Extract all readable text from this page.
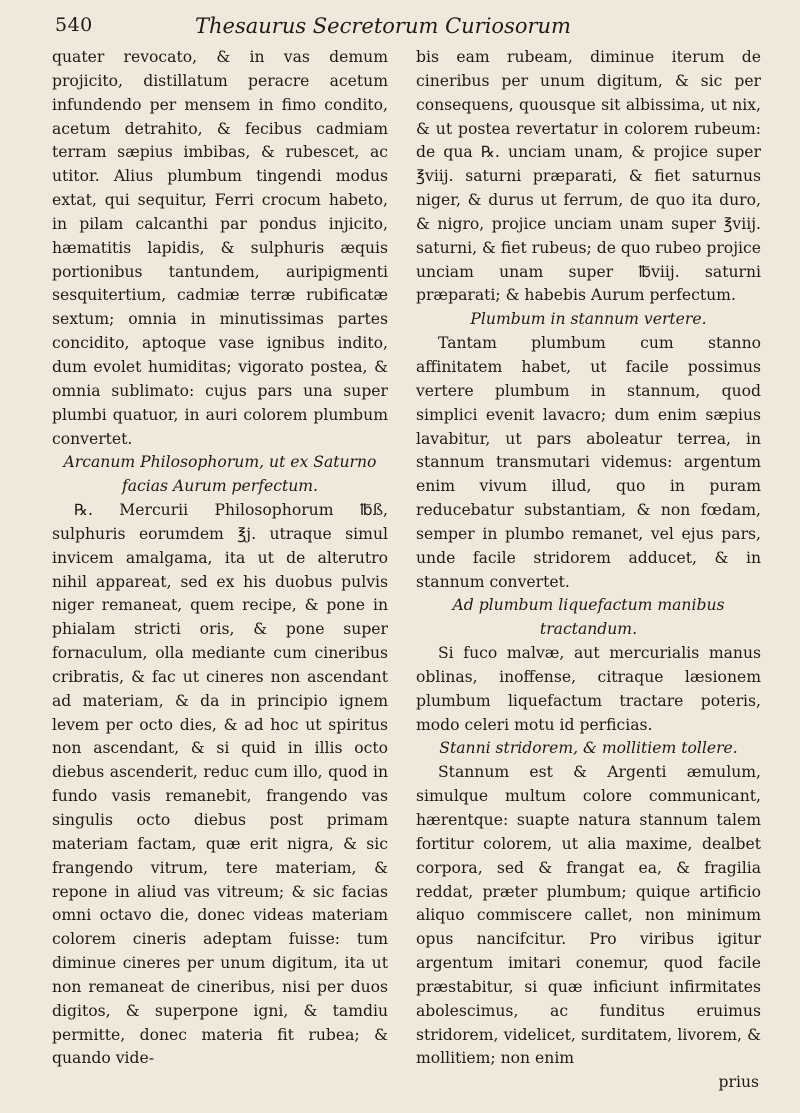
540	Thesaurus Secretorum Curiosorum

quater revocato, & in vas demum projicito, distillatum peracre acetum infundendo per mensem in fimo condito, acetum detrahito, & fecibus cadmiam terram sæpius imbibas, & rubescet, ac utitor. Alius plumbum tingendi modus extat, qui sequitur, Ferri crocum habeto, in pilam calcanthi par pondus injicito, hæmatitis lapidis, & sulphuris æquis portionibus tantundem, auripigmenti sesquitertium, cadmiæ terræ rubificatæ sextum; omnia in minutissimas partes concidito, aptoque vase ignibus indito, dum evolet humiditas; vigorato postea, & omnia sublimato: cujus pars una super plumbi quatuor, in auri colorem plumbum convertet.

Arcanum Philosophorum, ut ex Saturno facias Aurum perfectum.

℞. Mercurii Philosophorum ℔ß, sulphuris eorumdem ℥j. utraque simul invicem amalgama, ita ut de alterutro nihil appareat, sed ex his duobus pulvis niger remaneat, quem recipe, & pone in phialam stricti oris, & pone super fornaculum, olla mediante cum cineribus cribratis, & fac ut cineres non ascendant ad materiam, & da in principio ignem levem per octo dies, & ad hoc ut spiritus non ascendant, & si quid in illis octo diebus ascenderit, reduc cum illo, quod in fundo vasis remanebit, frangendo vas singulis octo diebus post primam materiam factam, quæ erit nigra, & sic frangendo vitrum, tere materiam, & repone in aliud vas vitreum; & sic facias omni octavo die, donec videas materiam colorem cineris adeptam fuisse: tum diminue cineres per unum digitum, ita ut non remaneat de cineribus, nisi per duos digitos, & superpone igni, & tamdiu permitte, donec materia fit rubea; & quando vide-

bis eam rubeam, diminue iterum de cineribus per unum digitum, & sic per consequens, quousque sit albissima, ut nix, & ut postea revertatur in colorem rubeum: de qua ℞. unciam unam, & projice super ℥viij. saturni præparati, & fiet saturnus niger, & durus ut ferrum, de quo ita duro, & nigro, projice unciam unam super ℥viij. saturni, & fiet rubeus; de quo rubeo projice unciam unam super ℔viij. saturni præparati; & habebis Aurum perfectum.

Plumbum in stannum vertere.

Tantam plumbum cum stanno affinitatem habet, ut facile possimus vertere plumbum in stannum, quod simplici evenit lavacro; dum enim sæpius lavabitur, ut pars aboleatur terrea, in stannum transmutari videmus: argentum enim vivum illud, quo in puram reducebatur substantiam, & non fœdam, semper in plumbo remanet, vel ejus pars, unde facile stridorem adducet, & in stannum convertet.

Ad plumbum liquefactum manibus tractandum.

Si fuco malvæ, aut mercurialis manus oblinas, inoffense, citraque læsionem plumbum liquefactum tractare poteris, modo celeri motu id perficias.

Stanni stridorem, & mollitiem tollere.

Stannum est & Argenti æmulum, simulque multum colore communicant, hærentque: suapte natura stannum talem fortitur colorem, ut alia maxime, dealbet corpora, sed & frangat ea, & fragilia reddat, præter plumbum; quique artificio aliquo commiscere callet, non minimum opus nancifcitur. Pro viribus igitur argentum imitari conemur, quod facile præstabitur, si quæ inficiunt infirmitates abolescimus, ac funditus eruimus stridorem, videlicet, surditatem, livorem, & mollitiem; non enim

prius
